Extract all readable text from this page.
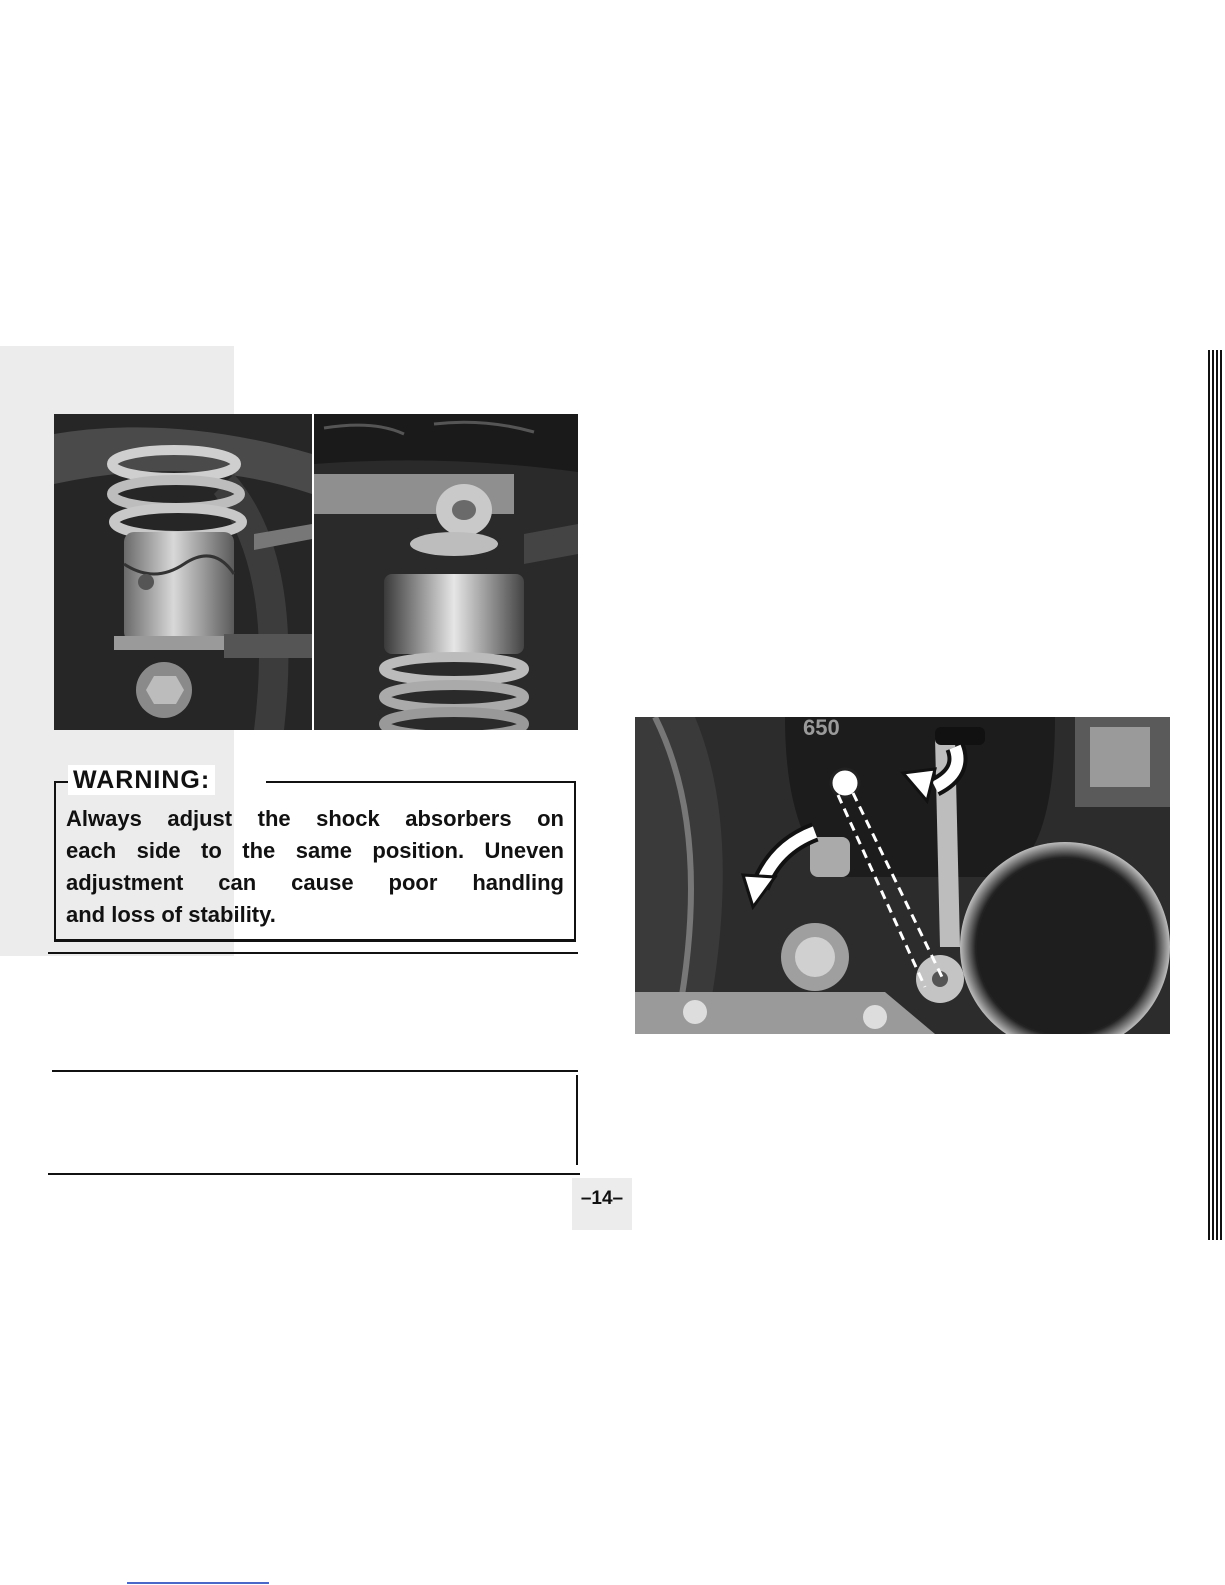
WARNING:
Always adjust the shock absorbers on
each side to the same position. Uneven
adjustment can cause poor handling
and loss of stability.
650
–14–
